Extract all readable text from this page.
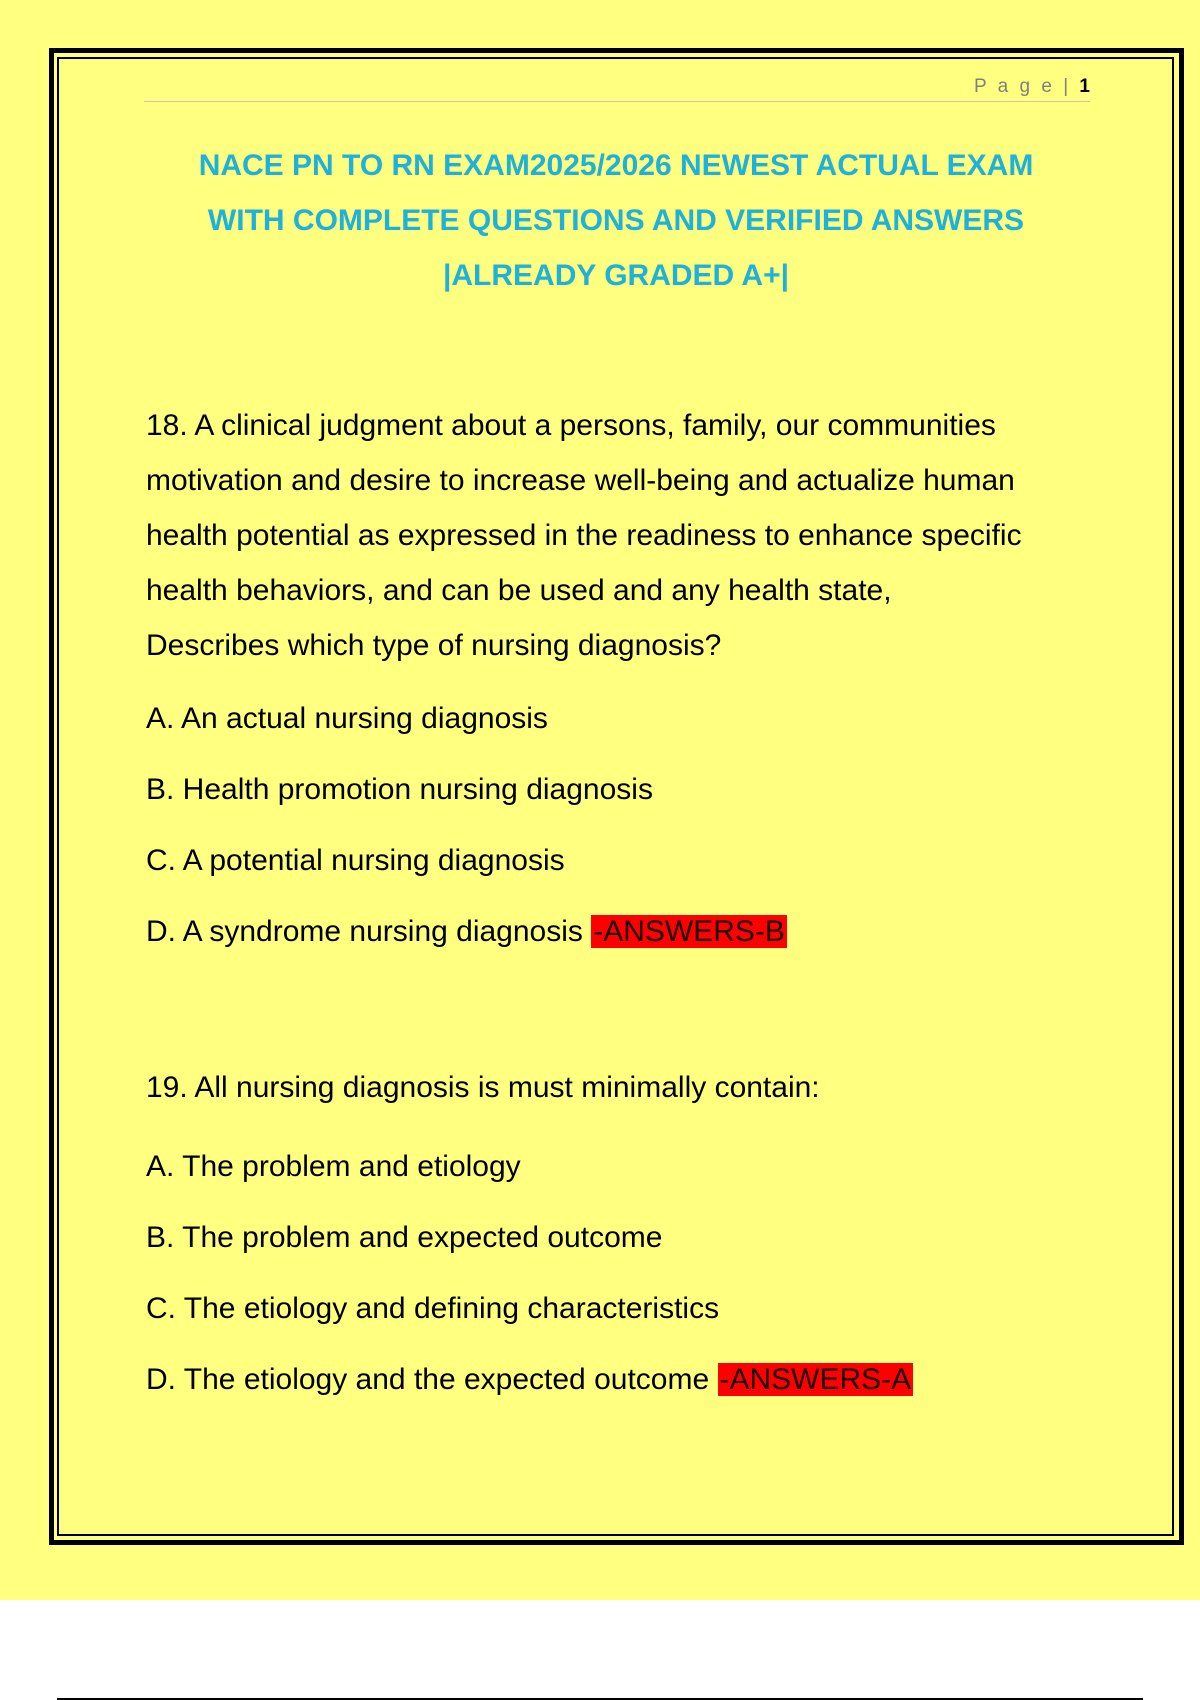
P a g e | 1
NACE PN TO RN EXAM2025/2026 NEWEST ACTUAL EXAM
WITH COMPLETE QUESTIONS AND VERIFIED ANSWERS
|ALREADY GRADED A+|
18. A clinical judgment about a persons, family, our communities
motivation and desire to increase well-being and actualize human
health potential as expressed in the readiness to enhance specific
health behaviors, and can be used and any health state,
Describes which type of nursing diagnosis?
A. An actual nursing diagnosis
B. Health promotion nursing diagnosis
C. A potential nursing diagnosis
D. A syndrome nursing diagnosis -ANSWERS-B
19. All nursing diagnosis is must minimally contain:
A. The problem and etiology
B. The problem and expected outcome
C. The etiology and defining characteristics
D. The etiology and the expected outcome -ANSWERS-A
